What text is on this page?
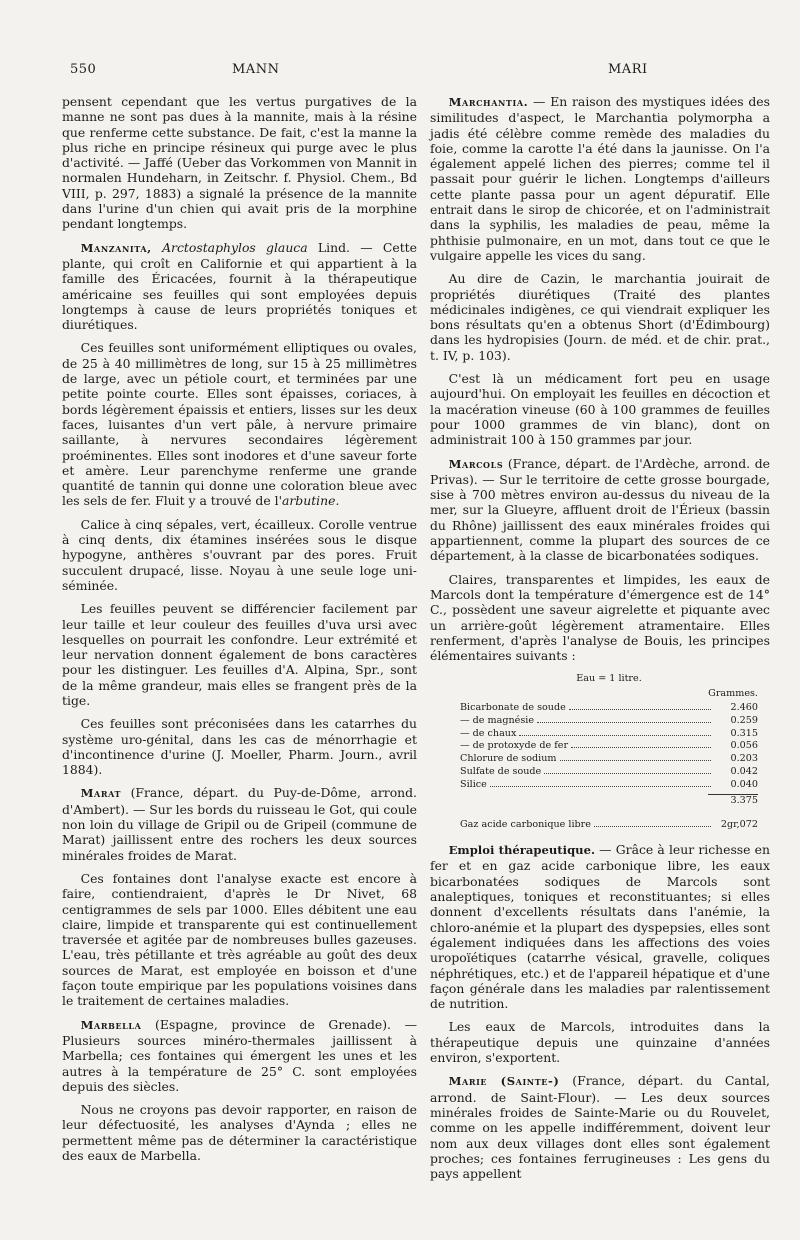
550	MANN	MARI

pensent cependant que les vertus purgatives de la manne ne sont pas dues à la mannite, mais à la résine que renferme cette substance. De fait, c'est la manne la plus riche en principe résineux qui purge avec le plus d'activité. — Jaffé (Ueber das Vorkommen von Mannit in normalen Hundeharn, in Zeitschr. f. Physiol. Chem., Bd VIII, p. 297, 1883) a signalé la présence de la mannite dans l'urine d'un chien qui avait pris de la morphine pendant longtemps.

Manzanita, Arctostaphylos glauca Lind. — Cette plante, qui croît en Californie et qui appartient à la famille des Éricacées, fournit à la thérapeutique américaine ses feuilles qui sont employées depuis longtemps à cause de leurs propriétés toniques et diurétiques.

Ces feuilles sont uniformément elliptiques ou ovales, de 25 à 40 millimètres de long, sur 15 à 25 millimètres de large, avec un pétiole court, et terminées par une petite pointe courte. Elles sont épaisses, coriaces, à bords légèrement épaissis et entiers, lisses sur les deux faces, luisantes d'un vert pâle, à nervure primaire saillante, à nervures secondaires légèrement proéminentes. Elles sont inodores et d'une saveur forte et amère. Leur parenchyme renferme une grande quantité de tannin qui donne une coloration bleue avec les sels de fer. Fluit y a trouvé de l'arbutine.

Calice à cinq sépales, vert, écailleux. Corolle ventrue à cinq dents, dix étamines insérées sous le disque hypogyne, anthères s'ouvrant par des pores. Fruit succulent drupacé, lisse. Noyau à une seule loge uni-séminée.

Les feuilles peuvent se différencier facilement par leur taille et leur couleur des feuilles d'uva ursi avec lesquelles on pourrait les confondre. Leur extrémité et leur nervation donnent également de bons caractères pour les distinguer. Les feuilles d'A. Alpina, Spr., sont de la même grandeur, mais elles se frangent près de la tige.

Ces feuilles sont préconisées dans les catarrhes du système uro-génital, dans les cas de ménorrhagie et d'incontinence d'urine (J. Moeller, Pharm. Journ., avril 1884).

Marat (France, départ. du Puy-de-Dôme, arrond. d'Ambert). — Sur les bords du ruisseau le Got, qui coule non loin du village de Gripil ou de Gripeil (commune de Marat) jaillissent entre des rochers les deux sources minérales froides de Marat.

Ces fontaines dont l'analyse exacte est encore à faire, contiendraient, d'après le Dr Nivet, 68 centigrammes de sels par 1000. Elles débitent une eau claire, limpide et transparente qui est continuellement traversée et agitée par de nombreuses bulles gazeuses. L'eau, très pétillante et très agréable au goût des deux sources de Marat, est employée en boisson et d'une façon toute empirique par les populations voisines dans le traitement de certaines maladies.

Marbella (Espagne, province de Grenade). — Plusieurs sources minéro-thermales jaillissent à Marbella; ces fontaines qui émergent les unes et les autres à la température de 25° C. sont employées depuis des siècles.

Nous ne croyons pas devoir rapporter, en raison de leur défectuosité, les analyses d'Aynda ; elles ne permettent même pas de déterminer la caractéristique des eaux de Marbella.

Marchantia. — En raison des mystiques idées des similitudes d'aspect, le Marchantia polymorpha a jadis été célèbre comme remède des maladies du foie, comme la carotte l'a été dans la jaunisse. On l'a également appelé lichen des pierres; comme tel il passait pour guérir le lichen. Longtemps d'ailleurs cette plante passa pour un agent dépuratif. Elle entrait dans le sirop de chicorée, et on l'administrait dans la syphilis, les maladies de peau, même la phthisie pulmonaire, en un mot, dans tout ce que le vulgaire appelle les vices du sang.

Au dire de Cazin, le marchantia jouirait de propriétés diurétiques (Traité des plantes médicinales indigènes, ce qui viendrait expliquer les bons résultats qu'en a obtenus Short (d'Édimbourg) dans les hydropisies (Journ. de méd. et de chir. prat., t. IV, p. 103).

C'est là un médicament fort peu en usage aujourd'hui. On employait les feuilles en décoction et la macération vineuse (60 à 100 grammes de feuilles pour 1000 grammes de vin blanc), dont on administrait 100 à 150 grammes par jour.

Marcols (France, départ. de l'Ardèche, arrond. de Privas). — Sur le territoire de cette grosse bourgade, sise à 700 mètres environ au-dessus du niveau de la mer, sur la Glueyre, affluent droit de l'Érieux (bassin du Rhône) jaillissent des eaux minérales froides qui appartiennent, comme la plupart des sources de ce département, à la classe de bicarbonatées sodiques.

Claires, transparentes et limpides, les eaux de Marcols dont la température d'émergence est de 14° C., possèdent une saveur aigrelette et piquante avec un arrière-goût légèrement atramentaire. Elles renferment, d'après l'analyse de Bouis, les principes élémentaires suivants :

Eau = 1 litre.
Grammes.
Bicarbonate de soude	2.460
— de magnésie	0.259
— de chaux	0.315
— de protoxyde de fer	0.056
Chlorure de sodium	0.203
Sulfate de soude	0.042
Silice	0.040
3.375
Gaz acide carbonique libre	2gr,072

Emploi thérapeutique. — Grâce à leur richesse en fer et en gaz acide carbonique libre, les eaux bicarbonatées sodiques de Marcols sont analeptiques, toniques et reconstituantes; si elles donnent d'excellents résultats dans l'anémie, la chloro-anémie et la plupart des dyspepsies, elles sont également indiquées dans les affections des voies uropoïétiques (catarrhe vésical, gravelle, coliques néphrétiques, etc.) et de l'appareil hépatique et d'une façon générale dans les maladies par ralentissement de nutrition.

Les eaux de Marcols, introduites dans la thérapeutique depuis une quinzaine d'années environ, s'exportent.

Marie (Sainte-) (France, départ. du Cantal, arrond. de Saint-Flour). — Les deux sources minérales froides de Sainte-Marie ou du Rouvelet, comme on les appelle indifféremment, doivent leur nom aux deux villages dont elles sont également proches; ces fontaines ferrugineuses : Les gens du pays appellent
